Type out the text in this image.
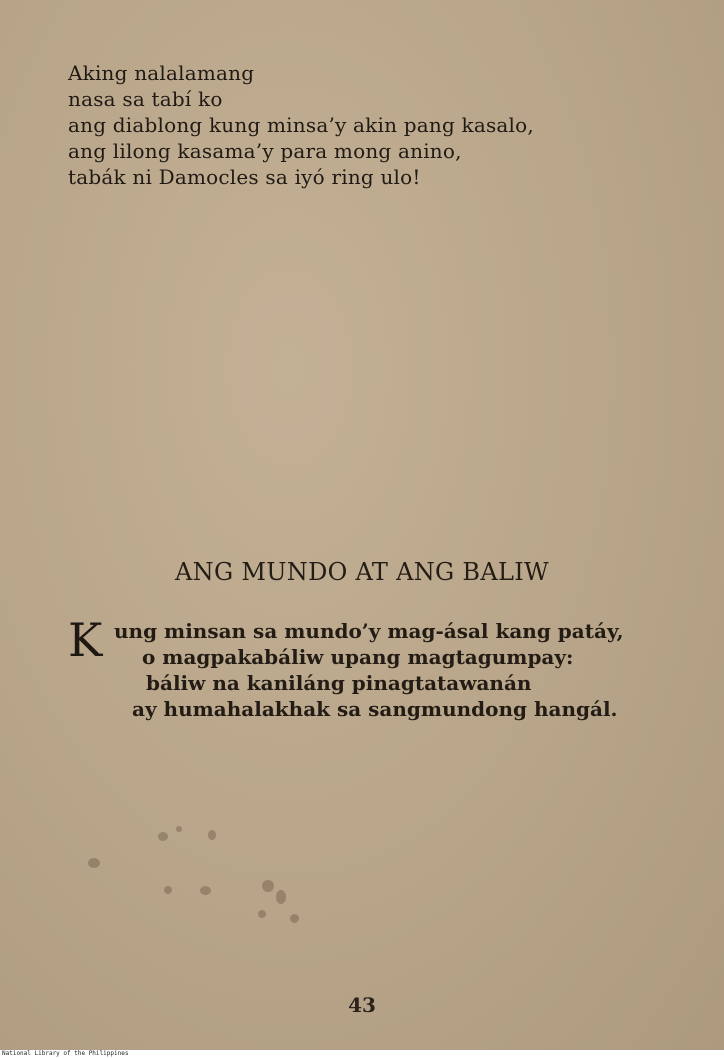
Aking nalalamang
nasa sa tabí ko
ang diablong kung minsa’y akin pang kasalo,
ang lilong kasama’y para mong anino,
tabák ni Damocles sa iyó ring ulo!
ANG MUNDO AT ANG BALIW
K ung minsan sa mundo’y mag-ásal kang patáy,
o magpakabáliw upang magtagumpay:
báliw na kaniláng pinagtatawanán
ay humahalakhak sa sangmundong hangál.
43
National Library of the Philippines
